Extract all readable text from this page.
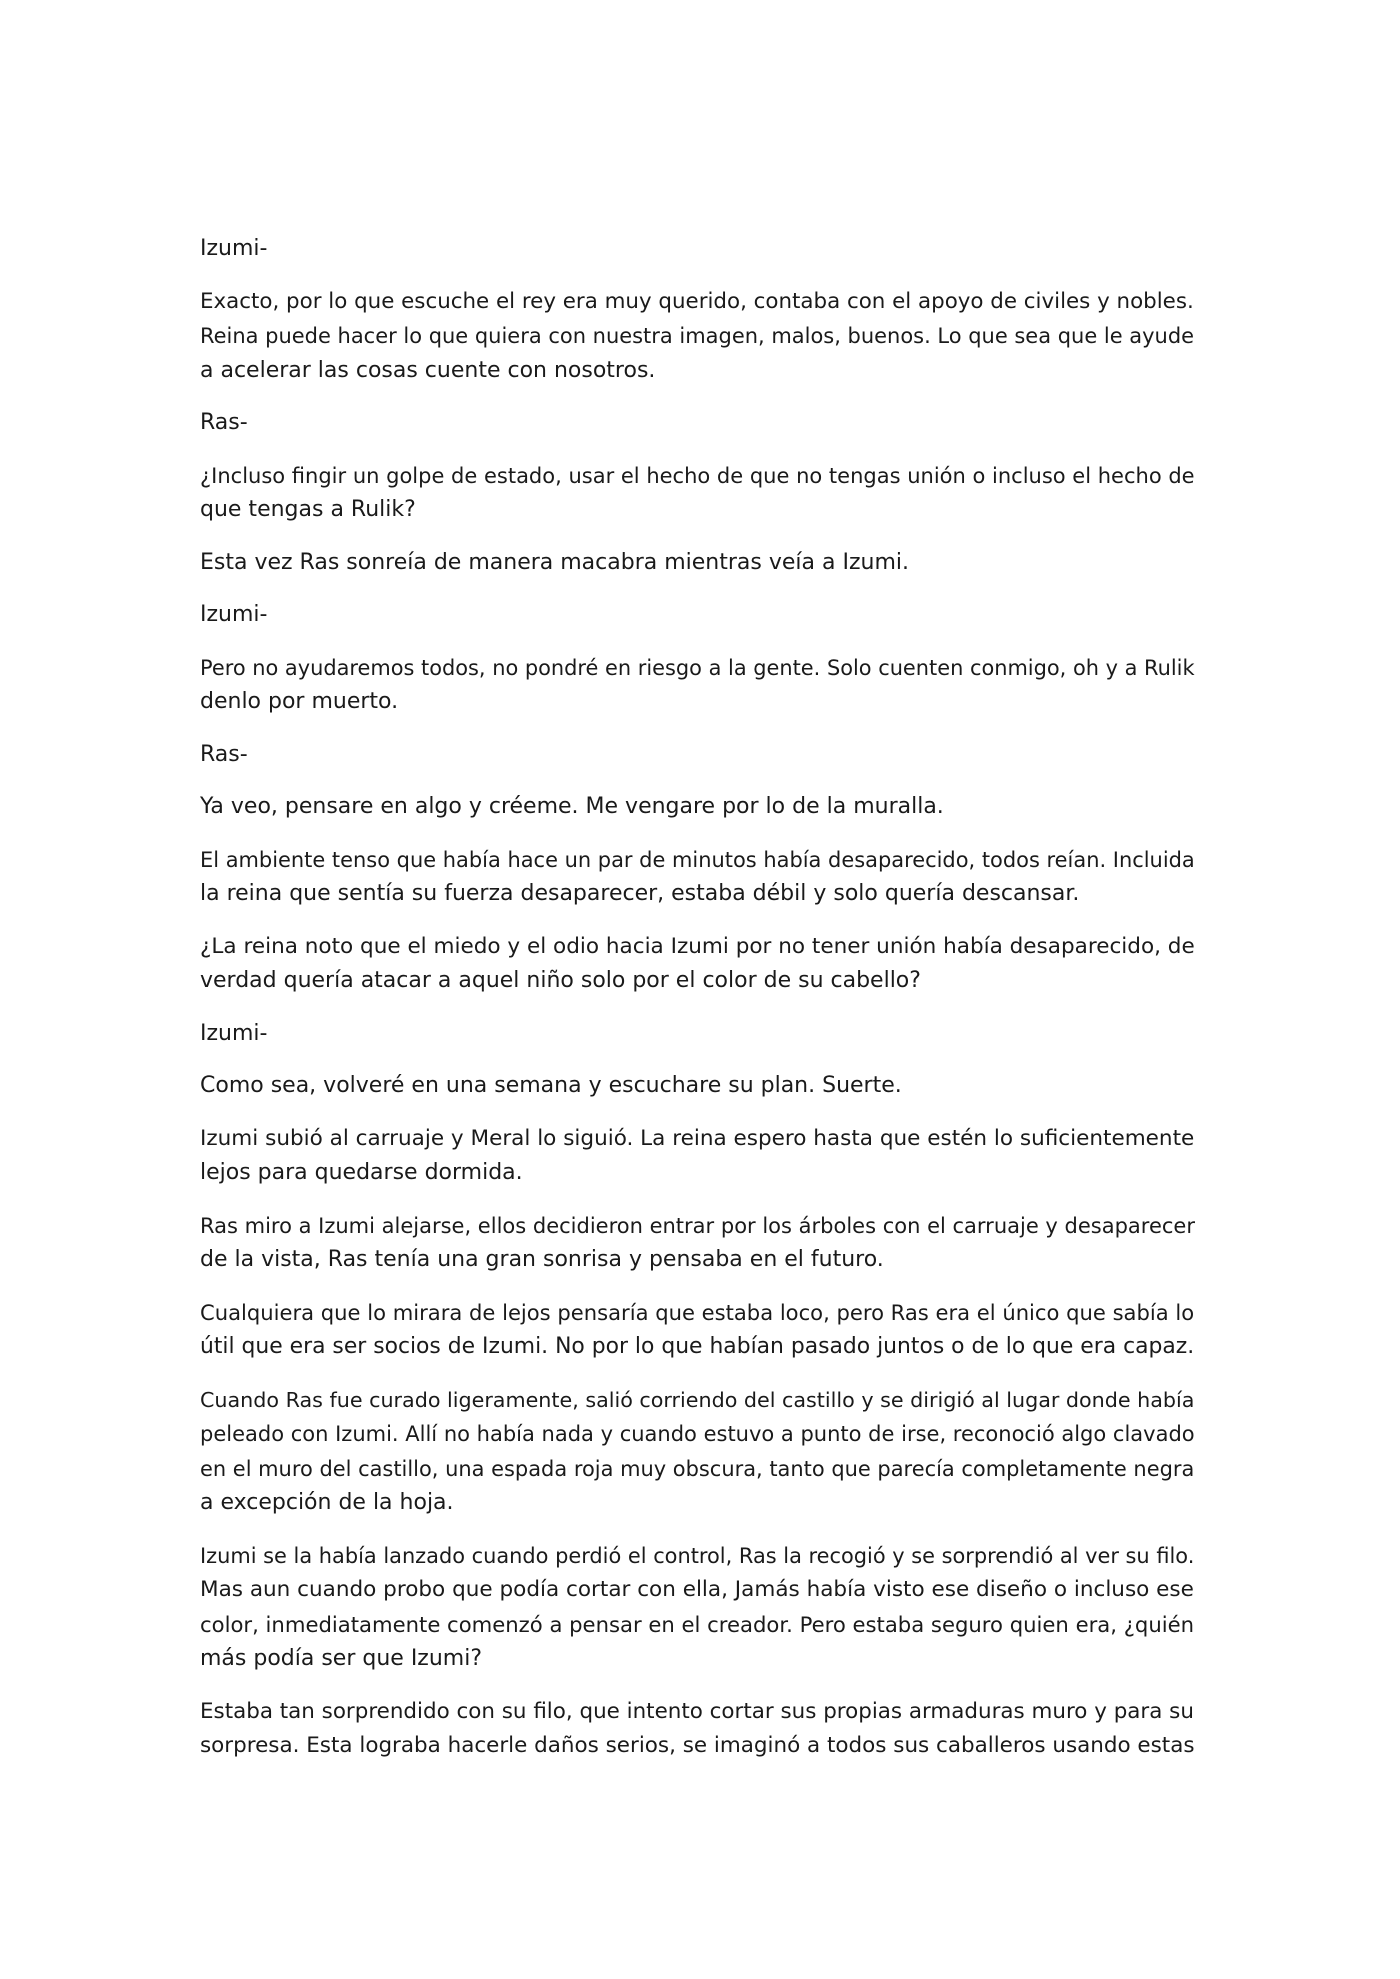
Izumi-

Exacto, por lo que escuche el rey era muy querido, contaba con el apoyo de civiles y nobles.
Reina puede hacer lo que quiera con nuestra imagen, malos, buenos. Lo que sea que le ayude
a acelerar las cosas cuente con nosotros.

Ras-

¿Incluso fingir un golpe de estado, usar el hecho de que no tengas unión o incluso el hecho de
que tengas a Rulik?

Esta vez Ras sonreía de manera macabra mientras veía a Izumi.

Izumi-

Pero no ayudaremos todos, no pondré en riesgo a la gente. Solo cuenten conmigo, oh y a Rulik
denlo por muerto.

Ras-

Ya veo, pensare en algo y créeme. Me vengare por lo de la muralla.

El ambiente tenso que había hace un par de minutos había desaparecido, todos reían. Incluida
la reina que sentía su fuerza desaparecer, estaba débil y solo quería descansar.

¿La reina noto que el miedo y el odio hacia Izumi por no tener unión había desaparecido, de
verdad quería atacar a aquel niño solo por el color de su cabello?

Izumi-

Como sea, volveré en una semana y escuchare su plan. Suerte.

Izumi subió al carruaje y Meral lo siguió. La reina espero hasta que estén lo suficientemente
lejos para quedarse dormida.

Ras miro a Izumi alejarse, ellos decidieron entrar por los árboles con el carruaje y desaparecer
de la vista, Ras tenía una gran sonrisa y pensaba en el futuro.

Cualquiera que lo mirara de lejos pensaría que estaba loco, pero Ras era el único que sabía lo
útil que era ser socios de Izumi. No por lo que habían pasado juntos o de lo que era capaz.

Cuando Ras fue curado ligeramente, salió corriendo del castillo y se dirigió al lugar donde había
peleado con Izumi. Allí no había nada y cuando estuvo a punto de irse, reconoció algo clavado
en el muro del castillo, una espada roja muy obscura, tanto que parecía completamente negra
a excepción de la hoja.

Izumi se la había lanzado cuando perdió el control, Ras la recogió y se sorprendió al ver su filo.
Mas aun cuando probo que podía cortar con ella, Jamás había visto ese diseño o incluso ese
color, inmediatamente comenzó a pensar en el creador. Pero estaba seguro quien era, ¿quién
más podía ser que Izumi?

Estaba tan sorprendido con su filo, que intento cortar sus propias armaduras muro y para su
sorpresa. Esta lograba hacerle daños serios, se imaginó a todos sus caballeros usando estas
